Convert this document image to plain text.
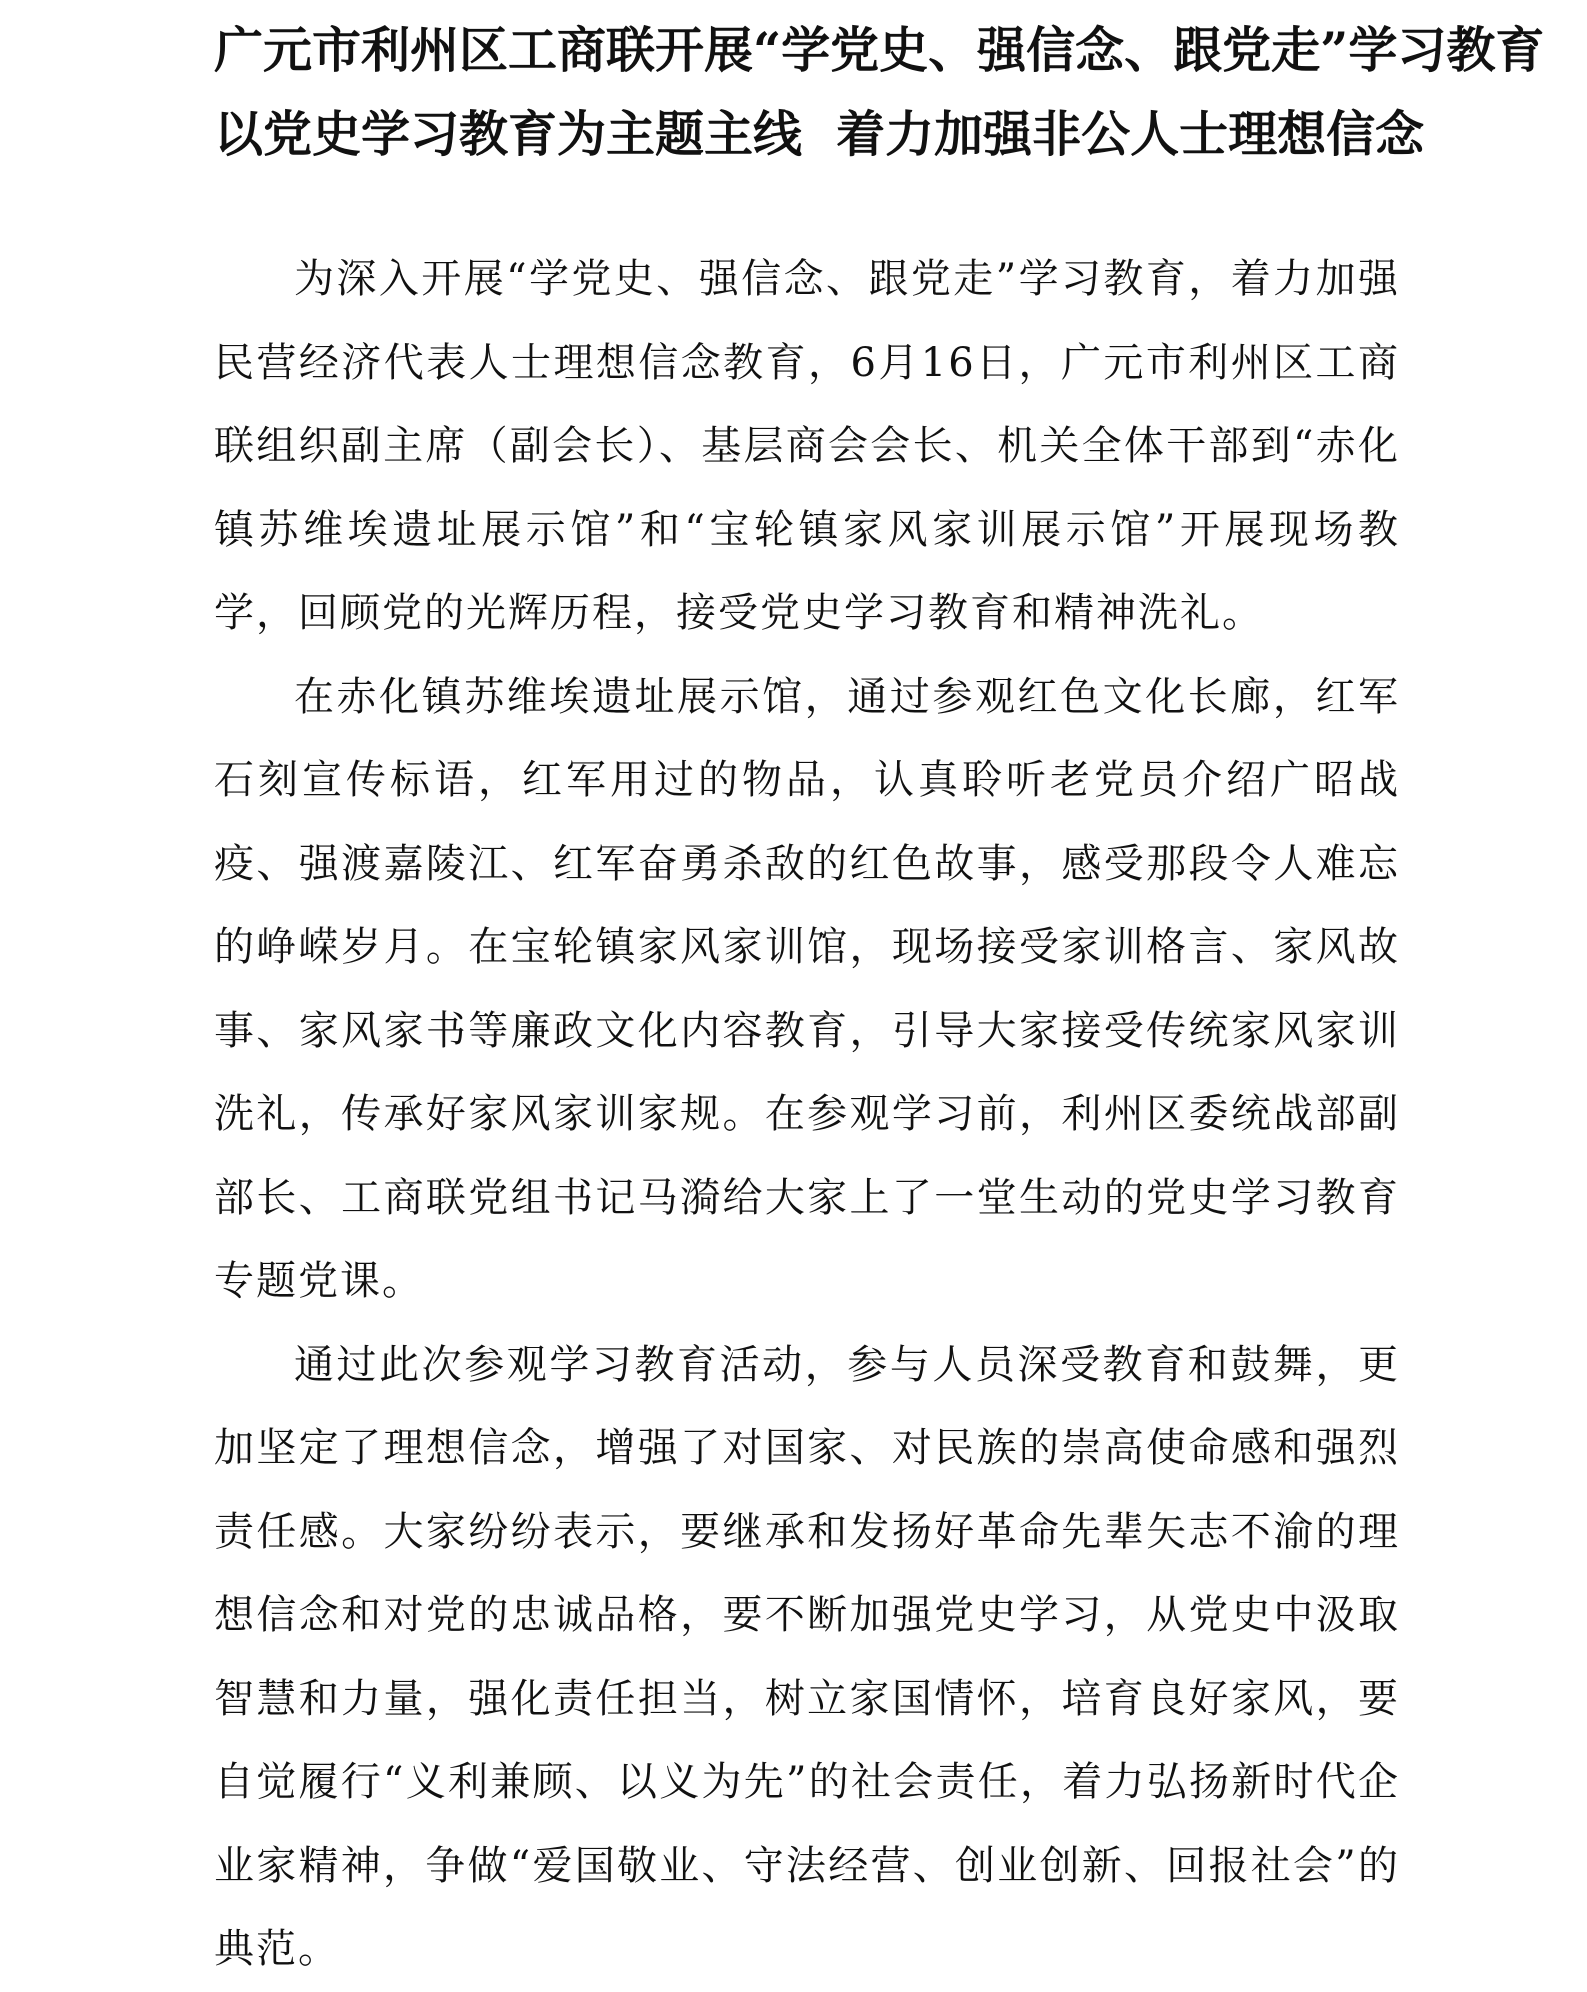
广元市利州区工商联开展“学党史、强信念、跟党走”学习教育

以党史学习教育为主题主线  着力加强非公人士理想信念

为深入开展“学党史、强信念、跟党走”学习教育，着力加强民营经济代表人士理想信念教育，6月16日，广元市利州区工商联组织副主席（副会长）、基层商会会长、机关全体干部到“赤化镇苏维埃遗址展示馆”和“宝轮镇家风家训展示馆”开展现场教学，回顾党的光辉历程，接受党史学习教育和精神洗礼。

在赤化镇苏维埃遗址展示馆，通过参观红色文化长廊，红军石刻宣传标语，红军用过的物品，认真聆听老党员介绍广昭战疫、强渡嘉陵江、红军奋勇杀敌的红色故事，感受那段令人难忘的峥嵘岁月。在宝轮镇家风家训馆，现场接受家训格言、家风故事、家风家书等廉政文化内容教育，引导大家接受传统家风家训洗礼，传承好家风家训家规。在参观学习前，利州区委统战部副部长、工商联党组书记马漪给大家上了一堂生动的党史学习教育专题党课。

通过此次参观学习教育活动，参与人员深受教育和鼓舞，更加坚定了理想信念，增强了对国家、对民族的崇高使命感和强烈责任感。大家纷纷表示，要继承和发扬好革命先辈矢志不渝的理想信念和对党的忠诚品格，要不断加强党史学习，从党史中汲取智慧和力量，强化责任担当，树立家国情怀，培育良好家风，要自觉履行“义利兼顾、以义为先”的社会责任，着力弘扬新时代企业家精神，争做“爱国敬业、守法经营、创业创新、回报社会”的典范。
